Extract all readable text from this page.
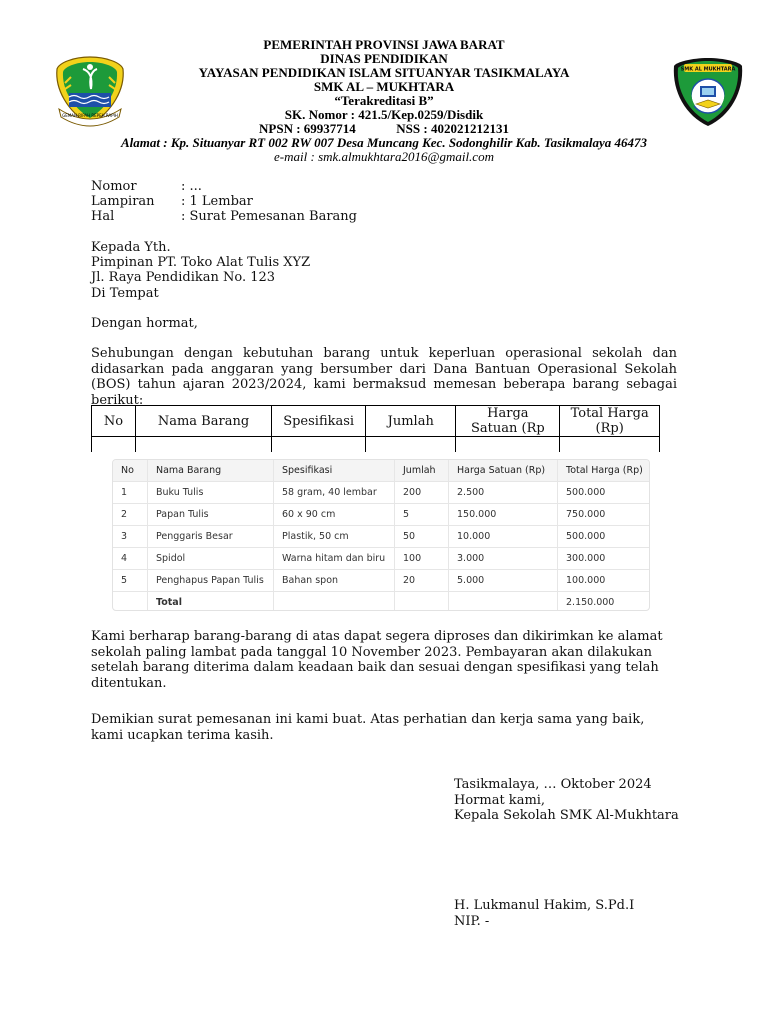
GEMAH RIPAH REPEH RAPIH
SMK AL MUKHTARA
PEMERINTAH PROVINSI JAWA BARAT
DINAS PENDIDIKAN
YAYASAN PENDIDIKAN ISLAM SITUANYAR TASIKMALAYA
SMK AL – MUKHTARA
“Terakreditasi B”
SK. Nomor : 421.5/Kep.0259/Disdik
NPSN : 69937714	NSS : 402021212131
Alamat : Kp. Situanyar RT 002 RW 007 Desa Muncang Kec. Sodonghilir Kab. Tasikmalaya 46473
e-mail : smk.almukhtara2016@gmail.com
Nomor	: ...
Lampiran : 1 Lembar
Hal	: Surat Pemesanan Barang
Kepada Yth.
Pimpinan PT. Toko Alat Tulis XYZ
Jl. Raya Pendidikan No. 123
Di Tempat
Dengan hormat,
Sehubungan dengan kebutuhan barang untuk keperluan operasional sekolah dan didasarkan pada anggaran yang bersumber dari Dana Bantuan Operasional Sekolah (BOS) tahun ajaran 2023/2024, kami bermaksud memesan beberapa barang sebagai berikut:
No	Nama Barang	Spesifikasi	Jumlah	Harga Satuan (Rp	Total Harga (Rp)

No	Nama Barang	Spesifikasi	Jumlah	Harga Satuan (Rp)	Total Harga (Rp)
1	Buku Tulis	58 gram, 40 lembar	200	2.500	500.000
2	Papan Tulis	60 x 90 cm	5	150.000	750.000
3	Penggaris Besar	Plastik, 50 cm	50	10.000	500.000
4	Spidol	Warna hitam dan biru	100	3.000	300.000
5	Penghapus Papan Tulis	Bahan spon	20	5.000	100.000
	Total				2.150.000
Kami berharap barang-barang di atas dapat segera diproses dan dikirimkan ke alamat sekolah paling lambat pada tanggal 10 November 2023. Pembayaran akan dilakukan setelah barang diterima dalam keadaan baik dan sesuai dengan spesifikasi yang telah ditentukan.
Demikian surat pemesanan ini kami buat. Atas perhatian dan kerja sama yang baik, kami ucapkan terima kasih.
Tasikmalaya, … Oktober 2024
Hormat kami,
Kepala Sekolah SMK Al-Mukhtara
H. Lukmanul Hakim, S.Pd.I
NIP. -
